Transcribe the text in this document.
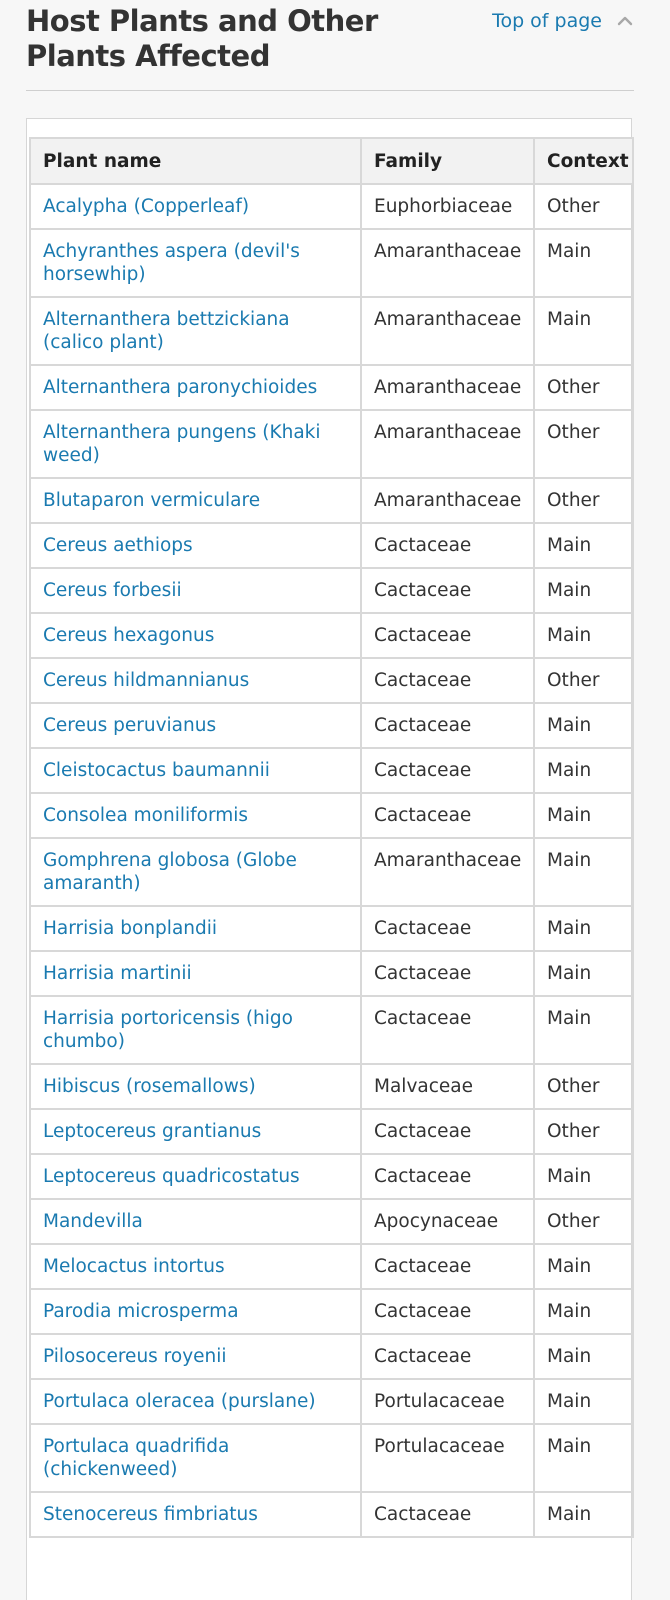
Host Plants and Other Plants Affected
Top of page
Plant name	Family	Context
Acalypha (Copperleaf)	Euphorbiaceae	Other
Achyranthes aspera (devil's horsewhip)	Amaranthaceae	Main
Alternanthera bettzickiana (calico plant)	Amaranthaceae	Main
Alternanthera paronychioides	Amaranthaceae	Other
Alternanthera pungens (Khaki weed)	Amaranthaceae	Other
Blutaparon vermiculare	Amaranthaceae	Other
Cereus aethiops	Cactaceae	Main
Cereus forbesii	Cactaceae	Main
Cereus hexagonus	Cactaceae	Main
Cereus hildmannianus	Cactaceae	Other
Cereus peruvianus	Cactaceae	Main
Cleistocactus baumannii	Cactaceae	Main
Consolea moniliformis	Cactaceae	Main
Gomphrena globosa (Globe amaranth)	Amaranthaceae	Main
Harrisia bonplandii	Cactaceae	Main
Harrisia martinii	Cactaceae	Main
Harrisia portoricensis (higo chumbo)	Cactaceae	Main
Hibiscus (rosemallows)	Malvaceae	Other
Leptocereus grantianus	Cactaceae	Other
Leptocereus quadricostatus	Cactaceae	Main
Mandevilla	Apocynaceae	Other
Melocactus intortus	Cactaceae	Main
Parodia microsperma	Cactaceae	Main
Pilosocereus royenii	Cactaceae	Main
Portulaca oleracea (purslane)	Portulacaceae	Main
Portulaca quadrifida (chickenweed)	Portulacaceae	Main
Stenocereus fimbriatus	Cactaceae	Main
